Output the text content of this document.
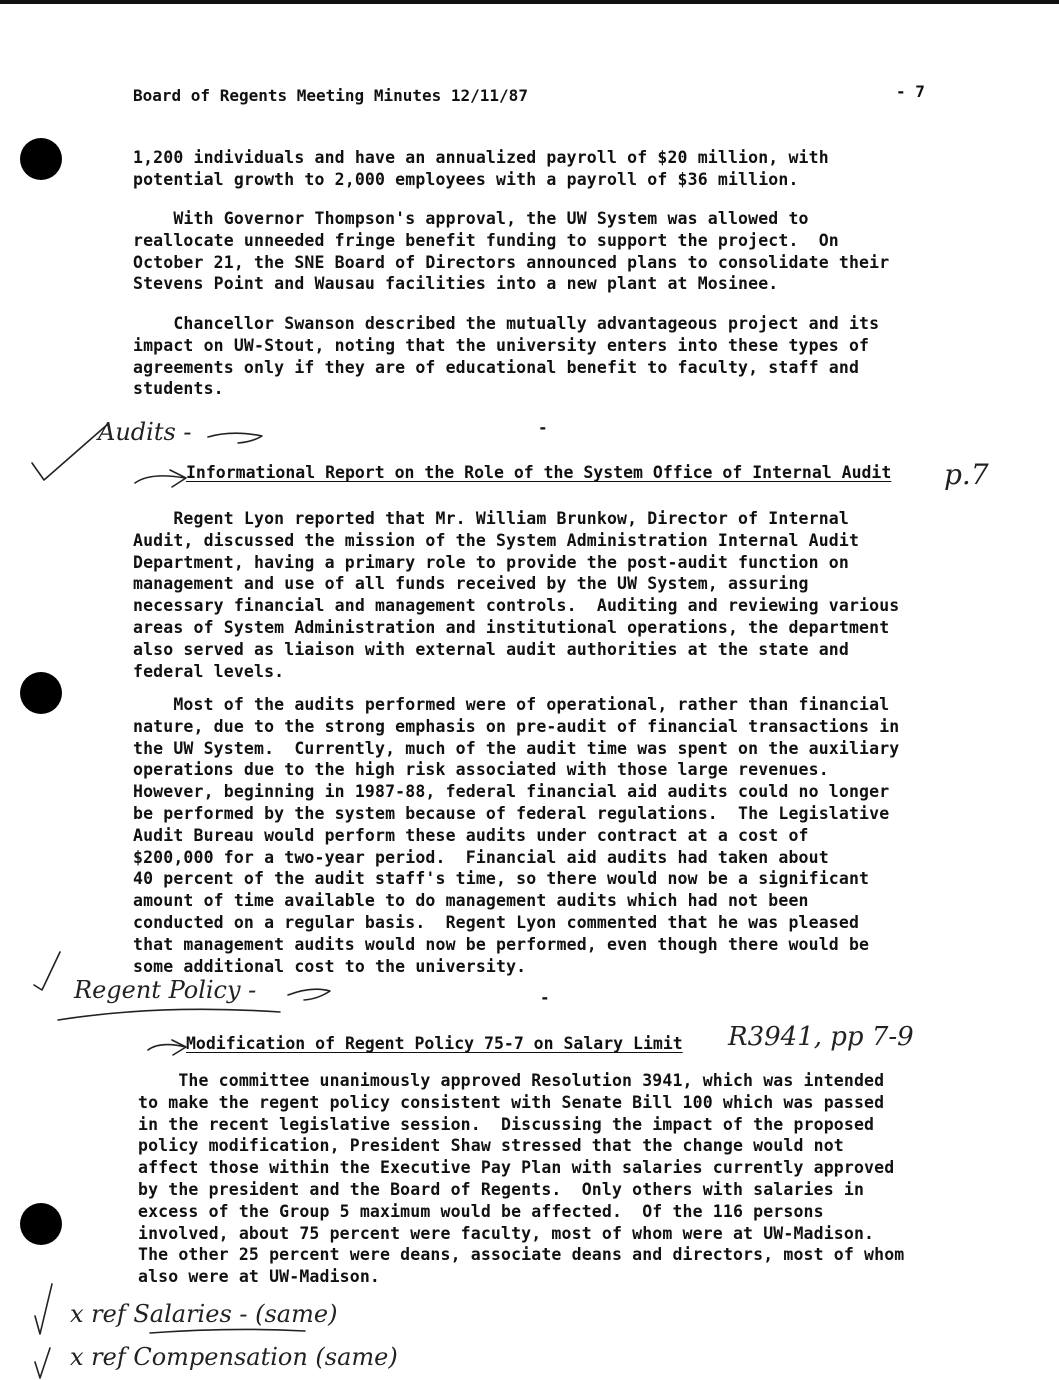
Board of Regents Meeting Minutes 12/11/87	- 7
1,200 individuals and have an annualized payroll of $20 million, with
potential growth to 2,000 employees with a payroll of $36 million.
With Governor Thompson's approval, the UW System was allowed to
reallocate unneeded fringe benefit funding to support the project.  On
October 21, the SNE Board of Directors announced plans to consolidate their
Stevens Point and Wausau facilities into a new plant at Mosinee.
Chancellor Swanson described the mutually advantageous project and its
impact on UW-Stout, noting that the university enters into these types of
agreements only if they are of educational benefit to faculty, staff and
students.
Audits -	-
Informational Report on the Role of the System Office of Internal Audit p.7
Regent Lyon reported that Mr. William Brunkow, Director of Internal
Audit, discussed the mission of the System Administration Internal Audit
Department, having a primary role to provide the post-audit function on
management and use of all funds received by the UW System, assuring
necessary financial and management controls.  Auditing and reviewing various
areas of System Administration and institutional operations, the department
also served as liaison with external audit authorities at the state and
federal levels.
Most of the audits performed were of operational, rather than financial
nature, due to the strong emphasis on pre-audit of financial transactions in
the UW System.  Currently, much of the audit time was spent on the auxiliary
operations due to the high risk associated with those large revenues.
However, beginning in 1987-88, federal financial aid audits could no longer
be performed by the system because of federal regulations.  The Legislative
Audit Bureau would perform these audits under contract at a cost of
$200,000 for a two-year period.  Financial aid audits had taken about
40 percent of the audit staff's time, so there would now be a significant
amount of time available to do management audits which had not been
conducted on a regular basis.  Regent Lyon commented that he was pleased
that management audits would now be performed, even though there would be
some additional cost to the university.
Regent Policy -	-
Modification of Regent Policy 75-7 on Salary Limit R3941, pp 7-9
The committee unanimously approved Resolution 3941, which was intended
to make the regent policy consistent with Senate Bill 100 which was passed
in the recent legislative session.  Discussing the impact of the proposed
policy modification, President Shaw stressed that the change would not
affect those within the Executive Pay Plan with salaries currently approved
by the president and the Board of Regents.  Only others with salaries in
excess of the Group 5 maximum would be affected.  Of the 116 persons
involved, about 75 percent were faculty, most of whom were at UW-Madison.
The other 25 percent were deans, associate deans and directors, most of whom
also were at UW-Madison.
x ref Salaries - (same)
x ref Compensation (same)
